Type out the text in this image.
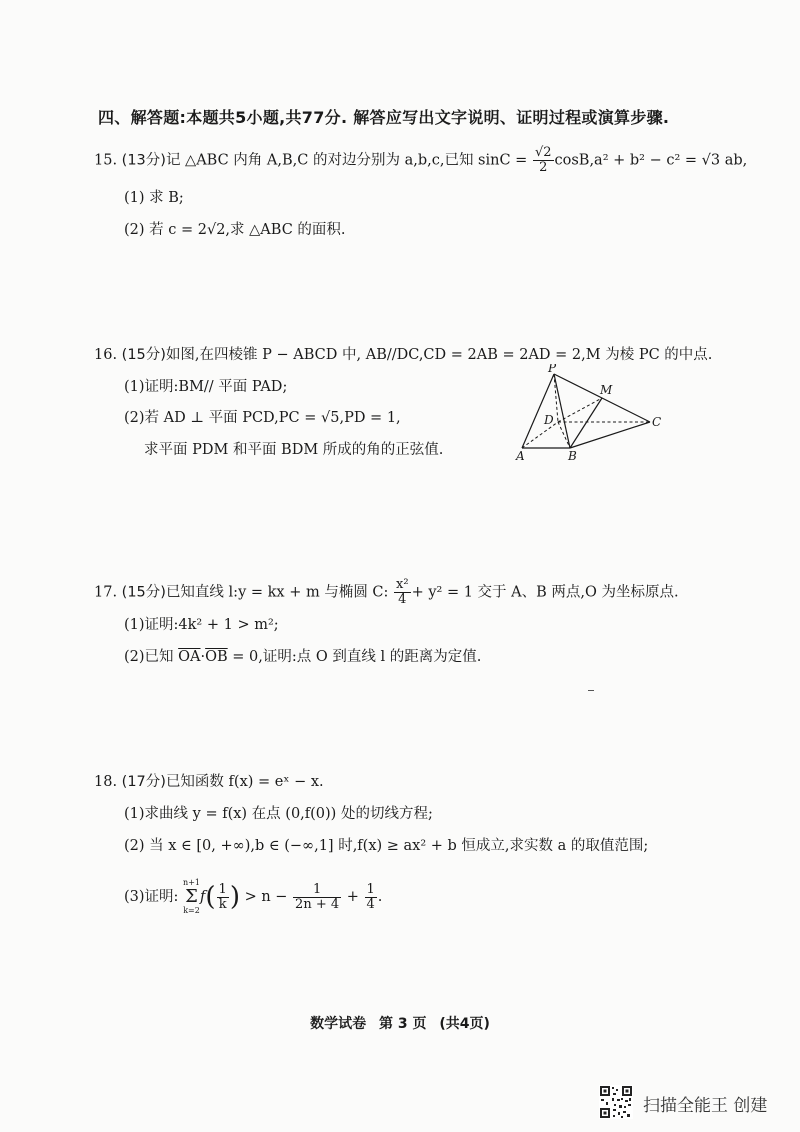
四、解答题:本题共5小题,共77分. 解答应写出文字说明、证明过程或演算步骤.
15. (13分)记 △ABC 内角 A,B,C 的对边分别为 a,b,c,已知 $\sin C = \frac{√2}{2} \cos B,a^2 + b^2 - c^2 = √3$ ab,
(1) 求 B;
(2) 若 c = 2√2,求 △ABC 的面积.
16. (15分)如图,在四棱锥 P − ABCD 中, AB//DC,CD = 2AB = 2AD = 2,M 为棱 PC 的中点.
(1)证明:BM// 平面 PAD;
(2)若 AD ⊥ 平面 PCD,PC = √5,PD = 1,
求平面 PDM 和平面 BDM 所成的角的正弦值.
P
M
D	C
A	B
17. (15分)已知直线 l:y = kx + m 与椭圆 C: $\frac{\text{x²}}{4} + y^2 = 1$ 交于 A、B 两点,O 为坐标原点.
(1)证明:4k² + 1 > m²;
(2)已知 $\overline{OA}\cdot\overline{OB} = 0$,证明:点 O 到直线 l 的距离为定值.
18. (17分)已知函数 f(x) = eˣ − x.
(1)求曲线 y = f(x) 在点 (0,f(0)) 处的切线方程;
(2) 当 x ∈ [0, +∞),b ∈ (−∞,1] 时,f(x) ≥ ax² + b 恒成立,求实数 a 的取值范围;
(3)证明:
n+1
Σ
k=2
$f( \frac{1}{k}$ ) > $n - \frac{1}{2n + 4} + \frac{1}{4}$ .
数学试卷 第 3 页 (共4页)
扫描全能王 创建
